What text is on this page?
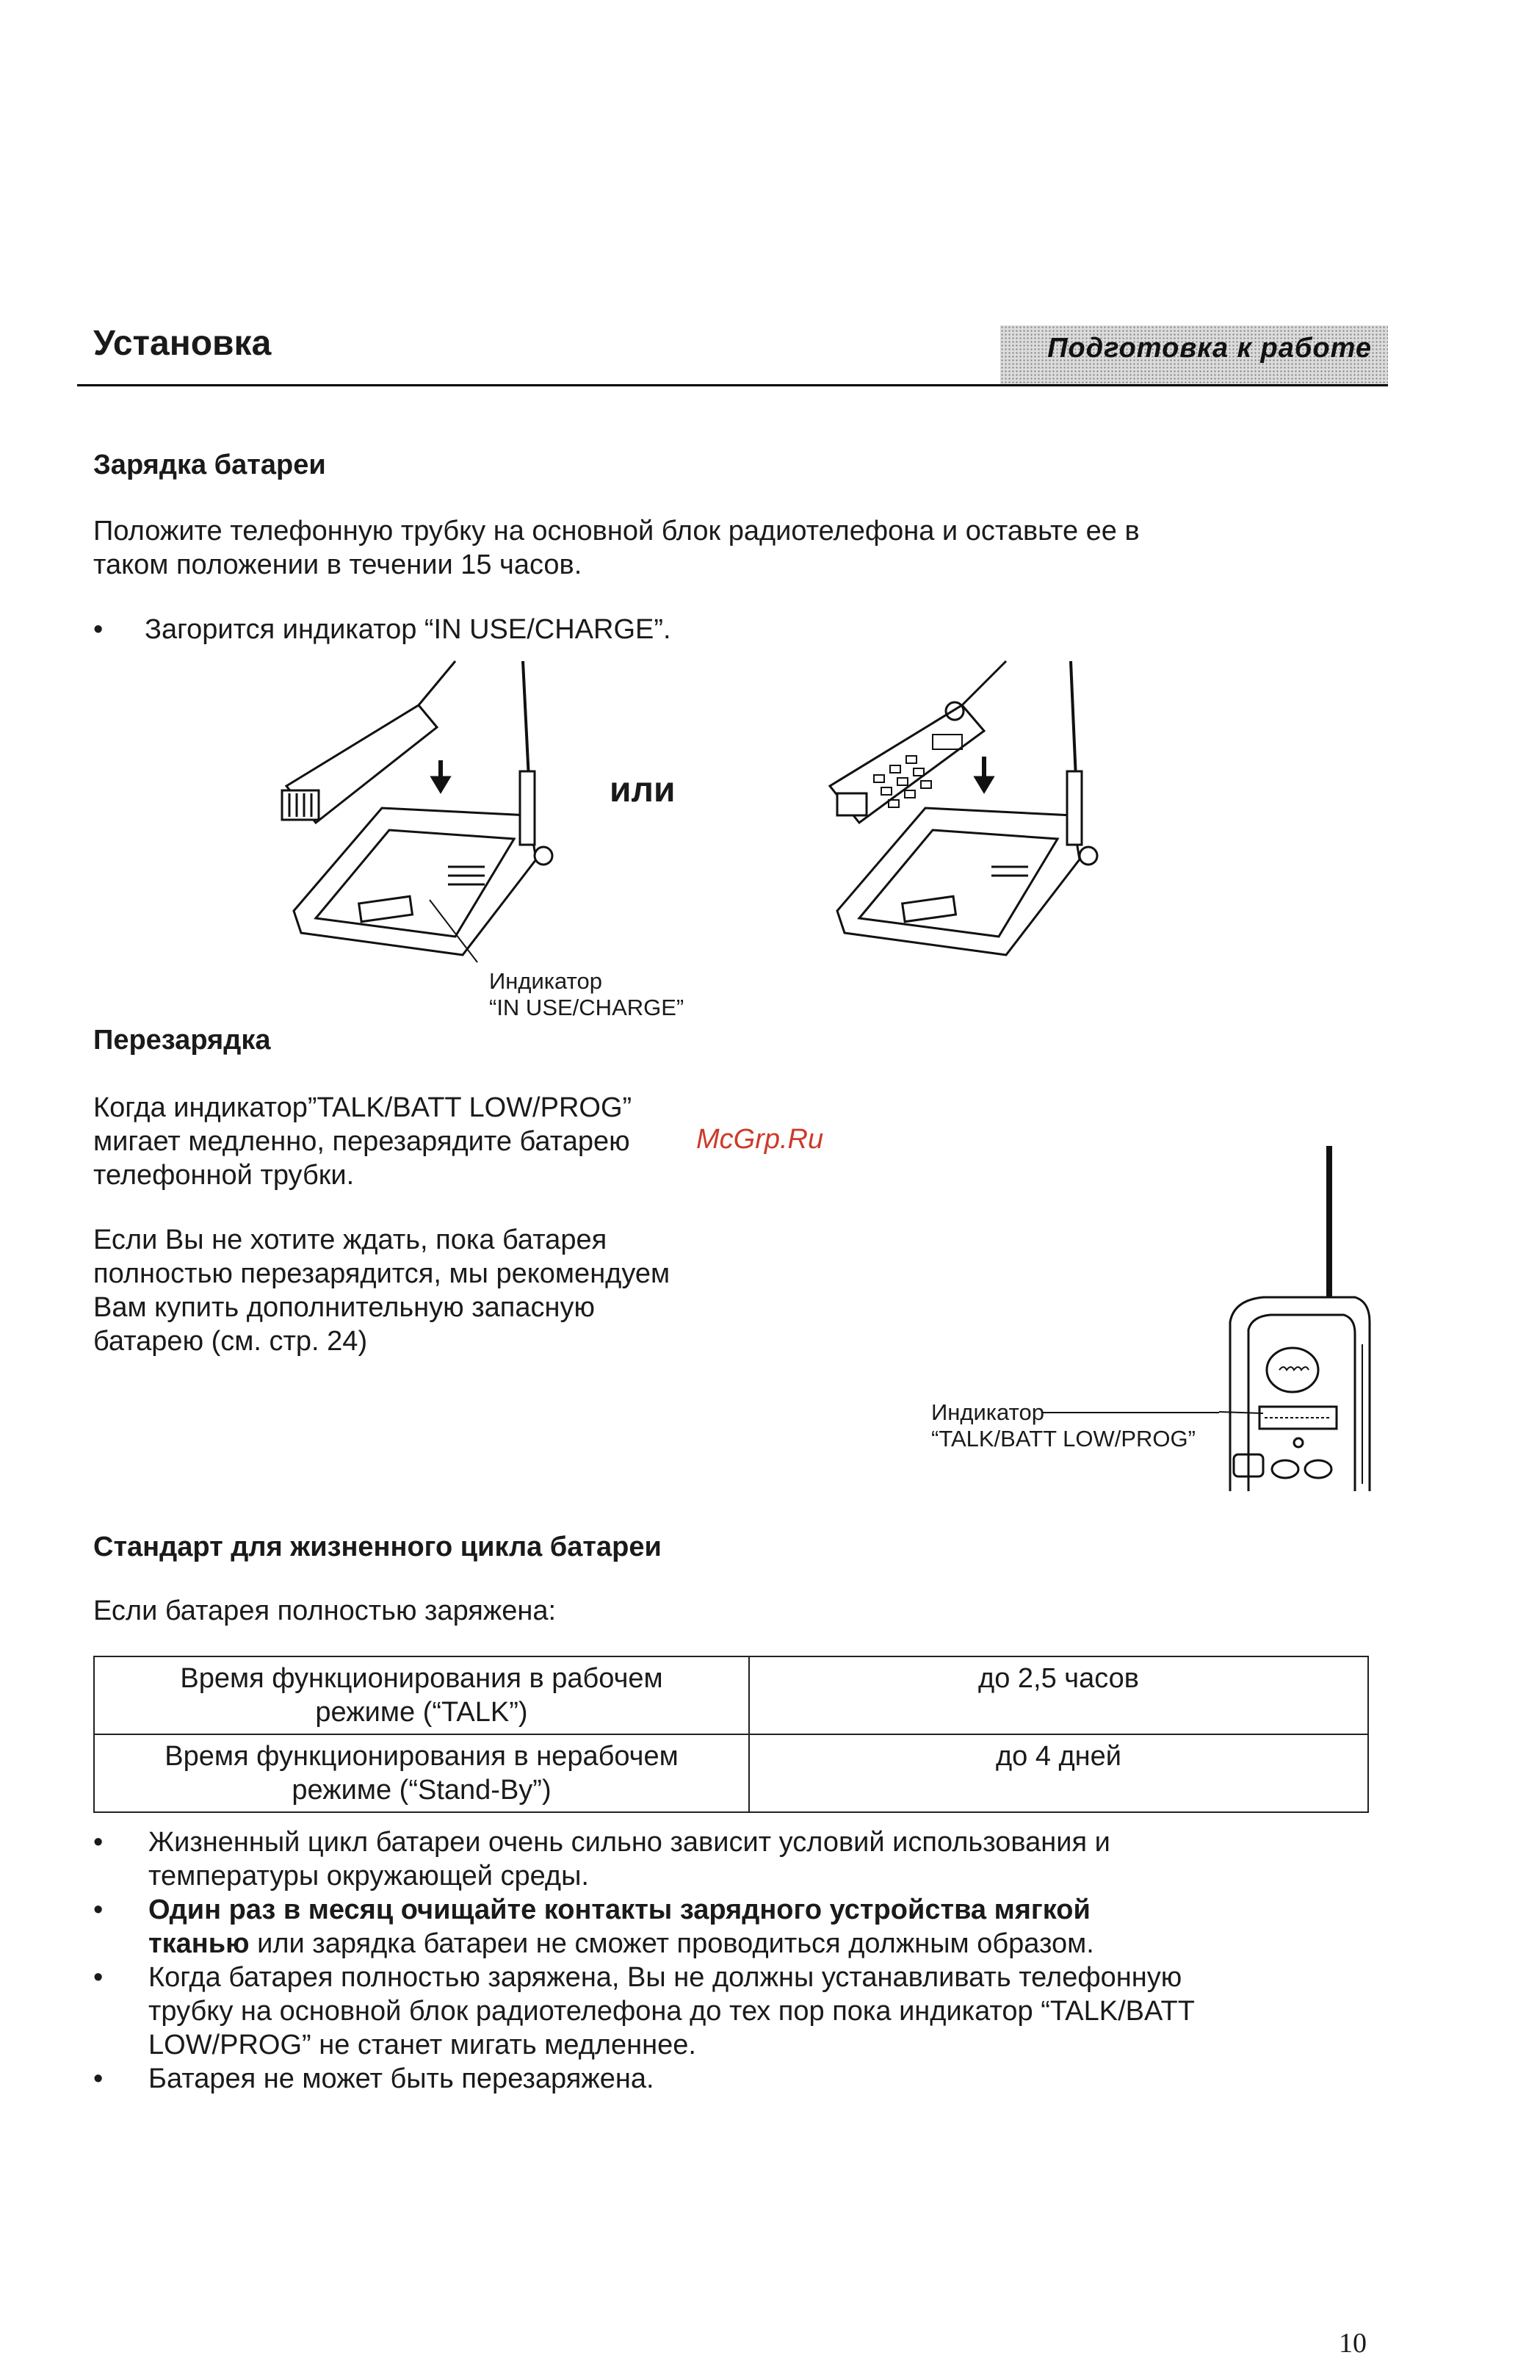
Установка	Подготовка к работе
Зарядка батареи
Положите телефонную трубку на основной блок радиотелефона и оставьте ее в
таком положении в течении 15 часов.
• Загорится индикатор “IN USE/CHARGE”.
или
Индикатор
“IN USE/CHARGE”
Перезарядка
Когда индикатор”TALK/BATT LOW/PROG”
мигает медленно, перезарядите батарею
телефонной трубки.
Если Вы не хотите ждать, пока батарея
полностью перезарядится, мы рекомендуем
Вам купить дополнительную запасную
батарею (см. стр. 24)
McGrp.Ru
Индикатор
“TALK/BATT LOW/PROG”
Стандарт для жизненного цикла батареи
Если батарея полностью заряжена:
Время функционирования в рабочем
режиме (“TALK”)	до 2,5 часов

Время функционирования в нерабочем
режиме (“Stand-By”)	до 4 дней
• Жизненный цикл батареи очень сильно зависит условий использования и
температуры окружающей среды.
• Один раз в месяц очищайте контакты зарядного устройства мягкой
тканью или зарядка батареи не сможет проводиться должным образом.
• Когда батарея полностью заряжена, Вы не должны устанавливать телефонную
трубку на основной блок радиотелефона до тех пор пока индикатор “TALK/BATT
LOW/PROG” не станет мигать медленнее.
• Батарея не может быть перезаряжена.
10
